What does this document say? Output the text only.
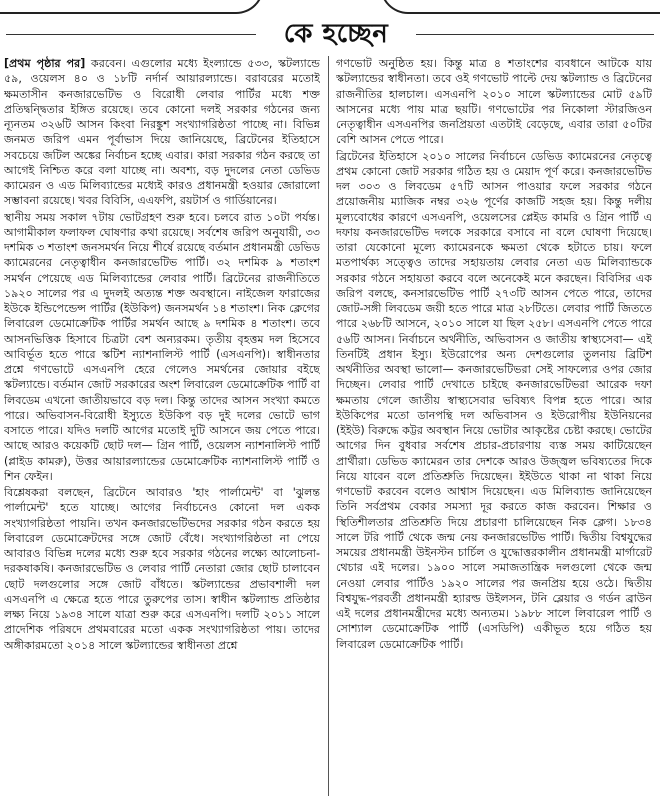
কে হচ্ছেন

[প্রথম পৃষ্ঠার পর] করবেন। এগুলোর মধ্যে ইংল্যান্ডে ৫৩৩, স্কটল্যান্ডে ৫৯, ওয়েলস ৪০ ও ১৮টি নর্দার্ন আয়ারল্যান্ডে। বরাবরের মতোই ক্ষমতাসীন কনজারভেটিভ ও বিরোধী লেবার পার্টির মধ্যে শক্ত প্রতিদ্বন্দ্বিতার ইঙ্গিত রয়েছে। তবে কোনো দলই সরকার গঠনের জন্য ন্যূনতম ৩২৬টি আসন কিংবা নিরঙ্কুশ সংখ্যাগরিষ্ঠতা পাচ্ছে না। বিভিন্ন জনমত জরিপ এমন পূর্বাভাস দিয়ে জানিয়েছে, ব্রিটেনের ইতিহাসে সবচেয়ে জটিল অঙ্কের নির্বাচন হচ্ছে এবার। কারা সরকার গঠন করছে তা আগেই নিশ্চিত করে বলা যাচ্ছে না। অবশ্য, বড় দুদলের নেতা ডেভিড ক্যামেরন ও এড মিলিব্যান্ডের মধ্যেই কারও প্রধানমন্ত্রী হওয়ার জোরালো সম্ভাবনা রয়েছে। খবর বিবিসি, এএফপি, রয়টার্স ও গার্ডিয়ানের।

স্থানীয় সময় সকাল ৭টায় ভোটগ্রহণ শুরু হবে। চলবে রাত ১০টা পর্যন্ত। আগামীকাল ফলাফল ঘোষণার কথা রয়েছে। সর্বশেষ জরিপ অনুযায়ী, ৩৩ দশমিক ৩ শতাংশ জনসমর্থন নিয়ে শীর্ষে রয়েছে বর্তমান প্রধানমন্ত্রী ডেভিড ক্যামেরনের নেতৃত্বাধীন কনজারভেটিভ পার্টি। ৩২ দশমিক ৯ শতাংশ সমর্থন পেয়েছে এড মিলিব্যান্ডের লেবার পার্টি। ব্রিটেনের রাজনীতিতে ১৯২০ সালের পর এ দুদলই অত্যন্ত শক্ত অবস্থানে। নাইজেল ফারাজের ইউকে ইন্ডিপেন্ডেন্স পার্টির (ইউকিপ) জনসমর্থন ১৪ শতাংশ। নিক ক্লেগের লিবারেল ডেমোক্রেটিক পার্টির সমর্থন আছে ৯ দশমিক ৪ শতাংশ। তবে আসনভিত্তিক হিসাবে চিত্রটা বেশ অন্যরকম। তৃতীয় বৃহত্তম দল হিসেবে আবির্ভূত হতে পারে স্কটিশ ন্যাশনালিস্ট পার্টি (এসএনপি)। স্বাধীনতার প্রশ্নে গণভোটে এসএনপি হেরে গেলেও সমর্থনের জোয়ার বইছে স্কটল্যান্ডে। বর্তমান জোট সরকারের অংশ লিবারেল ডেমোক্রেটিক পার্টি বা লিবডেম এখনো জাতীয়ভাবে বড় দল। কিন্তু তাদের আসন সংখ্যা কমতে পারে। অভিবাসন-বিরোধী ইস্যুতে ইউকিপ বড় দুই দলের ভোটে ভাগ বসাতে পারে। যদিও দলটি আগের মতোই দুটি আসনে জয় পেতে পারে। আছে আরও কয়েকটি ছোট দল— গ্রিন পার্টি, ওয়েলস ন্যাশনালিস্ট পার্টি (প্লাইড কামরু), উত্তর আয়ারল্যান্ডের ডেমোক্রেটিক ন্যাশনালিস্ট পার্টি ও শিন ফেইন।

বিশ্লেষকরা বলছেন, ব্রিটেনে আবারও 'হাং পার্লামেন্ট' বা 'ঝুলন্ত পার্লামেন্ট' হতে যাচ্ছে। আগের নির্বাচনেও কোনো দল একক সংখ্যাগরিষ্ঠতা পায়নি। তখন কনজারভেটিভদের সরকার গঠন করতে হয় লিবারেল ডেমোক্রেটদের সঙ্গে জোট বেঁধে। সংখ্যাগরিষ্ঠতা না পেয়ে আবারও বিভিন্ন দলের মধ্যে শুরু হবে সরকার গঠনের লক্ষ্যে আলোচনা-দরকষাকষি। কনজারভেটিভ ও লেবার পার্টি নেতারা জোর ছোট চালাবেন ছোট দলগুলোর সঙ্গে জোট বাঁধতে। স্কটল্যান্ডের প্রভাবশালী দল এসএনপি এ ক্ষেত্রে হতে পারে তুরুপের তাস। স্বাধীন স্কটল্যান্ড প্রতিষ্ঠার লক্ষ্য নিয়ে ১৯৩৪ সালে যাত্রা শুরু করে এসএনপি। দলটি ২০১১ সালে প্রাদেশিক পরিষদে প্রথমবারের মতো একক সংখ্যাগরিষ্ঠতা পায়। তাদের অঙ্গীকারমতো ২০১৪ সালে স্কটল্যান্ডের স্বাধীনতা প্রশ্নে

গণভোট অনুষ্ঠিত হয়। কিন্তু মাত্র ৪ শতাংশের ব্যবধানে আটকে যায় স্কটল্যান্ডের স্বাধীনতা। তবে ওই গণভোট পাল্টে দেয় স্কটল্যান্ড ও ব্রিটেনের রাজনীতির হালচাল। এসএনপি ২০১০ সালে স্কটল্যান্ডের মোট ৫৯টি আসনের মধ্যে পায় মাত্র ছয়টি। গণভোটের পর নিকোলা স্টারজিওন নেতৃত্বাধীন এসএনপির জনপ্রিয়তা এতটাই বেড়েছে, এবার তারা ৫০টির বেশি আসন পেতে পারে।

ব্রিটেনের ইতিহাসে ২০১০ সালের নির্বাচনে ডেভিড ক্যামেরনের নেতৃত্বে প্রথম কোনো জোট সরকার গঠিত হয় ও মেয়াদ পূর্ণ করে। কনজারভেটিভ দল ৩০৩ ও লিবডেম ৫৭টি আসন পাওয়ার ফলে সরকার গঠনে প্রয়োজনীয় ম্যাজিক নম্বর ৩২৬ পূর্ণের কাজটি সহজ হয়। কিন্তু দলীয় মূল্যবোধের কারণে এসএনপি, ওয়েলসের প্লেইড কামরি ও গ্রিন পার্টি এ দফায় কনজারভেটিভ দলকে সরকারে বসাবে না বলে ঘোষণা দিয়েছে। তারা যেকোনো মূল্যে ক্যামেরনকে ক্ষমতা থেকে হটাতে চায়। ফলে মতপার্থক্য সত্ত্বেও তাদের সহায়তায় লেবার নেতা এড মিলিব্যান্ডকে সরকার গঠনে সহায়তা করবে বলে অনেকেই মনে করছেন। বিবিসির এক জরিপ বলছে, কনসারভেটিভ পার্টি ২৭৩টি আসন পেতে পারে, তাদের জোট-সঙ্গী লিবডেম জয়ী হতে পারে মাত্র ২৮টিতে। লেবার পার্টি জিততে পারে ২৬৮টি আসনে, ২০১০ সালে যা ছিল ২৫৮। এসএনপি পেতে পারে ৫৬টি আসন। নির্বাচনে অর্থনীতি, অভিবাসন ও জাতীয় স্বাস্থ্যসেবা— এই তিনটিই প্রধান ইস্যু। ইউরোপের অন্য দেশগুলোর তুলনায় ব্রিটিশ অর্থনীতির অবস্থা ভালো— কনজারভেটিভরা সেই সাফল্যের ওপর জোর দিচ্ছেন। লেবার পার্টি দেখাতে চাইছে কনজারভেটিভরা আরেক দফা ক্ষমতায় গেলে জাতীয় স্বাস্থ্যসেবার ভবিষ্যৎ বিপন্ন হতে পারে। আর ইউকিপের মতো ডানপন্থি দল অভিবাসন ও ইউরোপীয় ইউনিয়নের (ইইউ) বিরুদ্ধে কট্টর অবস্থান নিয়ে ভোটার আকৃষ্টের চেষ্টা করছে। ভোটের আগের দিন বুধবার সর্বশেষ প্রচার-প্রচারণায় ব্যস্ত সময় কাটিয়েছেন প্রার্থীরা। ডেভিড ক্যামেরন তার দেশকে আরও উজ্জ্বল ভবিষ্যতের দিকে নিয়ে যাবেন বলে প্রতিশ্রুতি দিয়েছেন। ইইউতে থাকা না থাকা নিয়ে গণভোট করবেন বলেও আশ্বাস দিয়েছেন। এড মিলিব্যান্ড জানিয়েছেন তিনি সর্বপ্রথম বেকার সমস্যা দূর করতে কাজ করবেন। শিক্ষার ও স্থিতিশীলতার প্রতিশ্রুতি দিয়ে প্রচারণা চালিয়েছেন নিক ক্লেগ। ১৮৩৪ সালে টরি পার্টি থেকে জন্ম নেয় কনজারভেটিভ পার্টি। দ্বিতীয় বিশ্বযুদ্ধের সময়ের প্রধানমন্ত্রী উইনস্টন চার্চিল ও যুদ্ধোত্তরকালীন প্রধানমন্ত্রী মার্গারেট থেচার এই দলের। ১৯০০ সালে সমাজতান্ত্রিক দলগুলো থেকে জন্ম নেওয়া লেবার পার্টিও ১৯২০ সালের পর জনপ্রিয় হয়ে ওঠে। দ্বিতীয় বিশ্বযুদ্ধ-পরবর্তী প্রধানমন্ত্রী হ্যারল্ড উইলসন, টনি ব্লেয়ার ও গর্ডন ব্রাউন এই দলের প্রধানমন্ত্রীদের মধ্যে অন্যতম। ১৯৮৮ সালে লিবারেল পার্টি ও সোশ্যাল ডেমোক্রেটিক পার্টি (এসডিপি) একীভূত হয়ে গঠিত হয় লিবারেল ডেমোক্রেটিক পার্টি।
